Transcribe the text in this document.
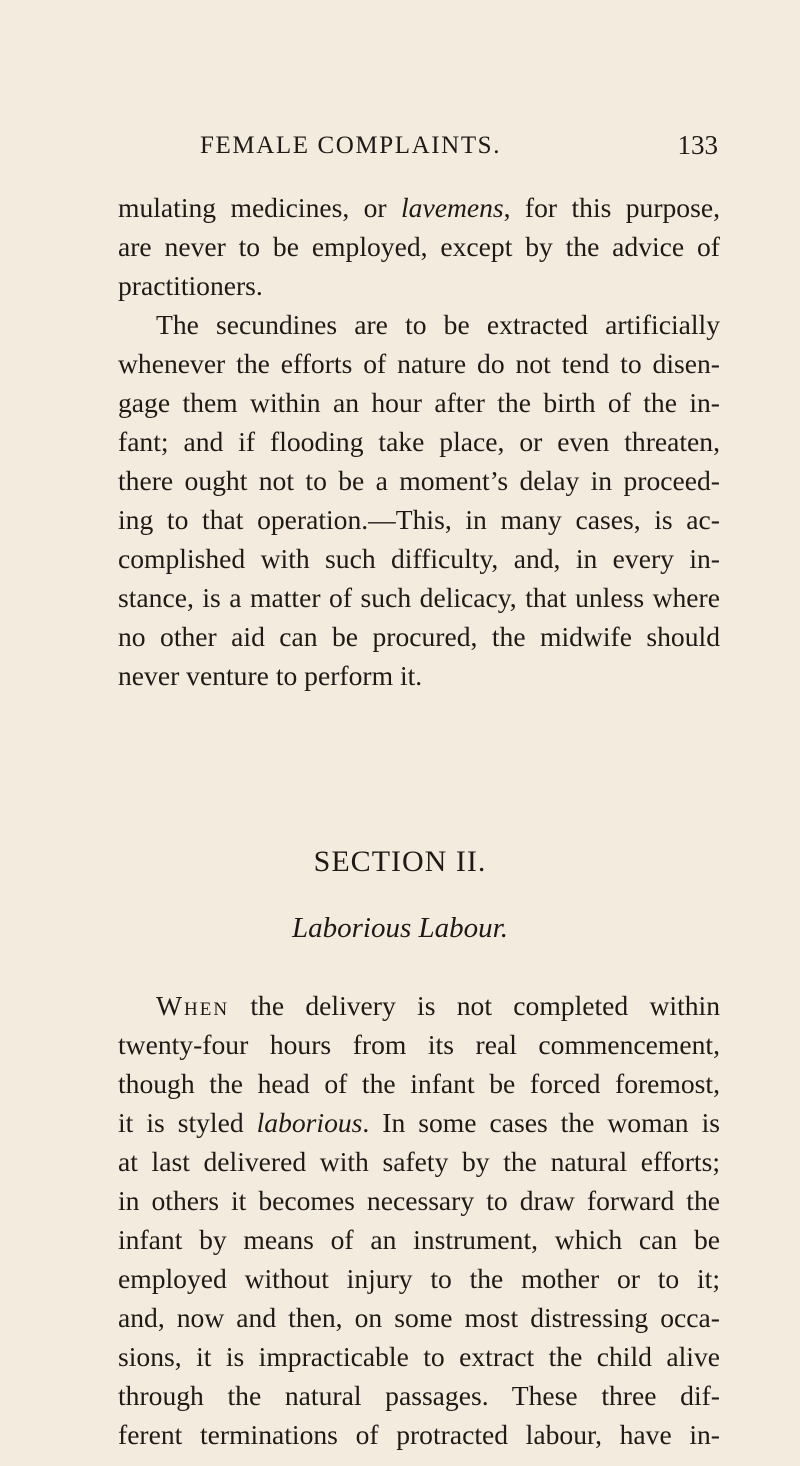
FEMALE COMPLAINTS.	133
mulating medicines, or lavemens, for this purpose,
are never to be employed, except by the advice of
practitioners.
The secundines are to be extracted artificially
whenever the efforts of nature do not tend to disen-
gage them within an hour after the birth of the in-
fant; and if flooding take place, or even threaten,
there ought not to be a moment’s delay in proceed-
ing to that operation.—This, in many cases, is ac-
complished with such difficulty, and, in every in-
stance, is a matter of such delicacy, that unless where
no other aid can be procured, the midwife should
never venture to perform it.
SECTION II.
Laborious Labour.
When the delivery is not completed within
twenty-four hours from its real commencement,
though the head of the infant be forced foremost,
it is styled laborious. In some cases the woman is
at last delivered with safety by the natural efforts;
in others it becomes necessary to draw forward the
infant by means of an instrument, which can be
employed without injury to the mother or to it;
and, now and then, on some most distressing occa-
sions, it is impracticable to extract the child alive
through the natural passages. These three dif-
ferent terminations of protracted labour, have in-
